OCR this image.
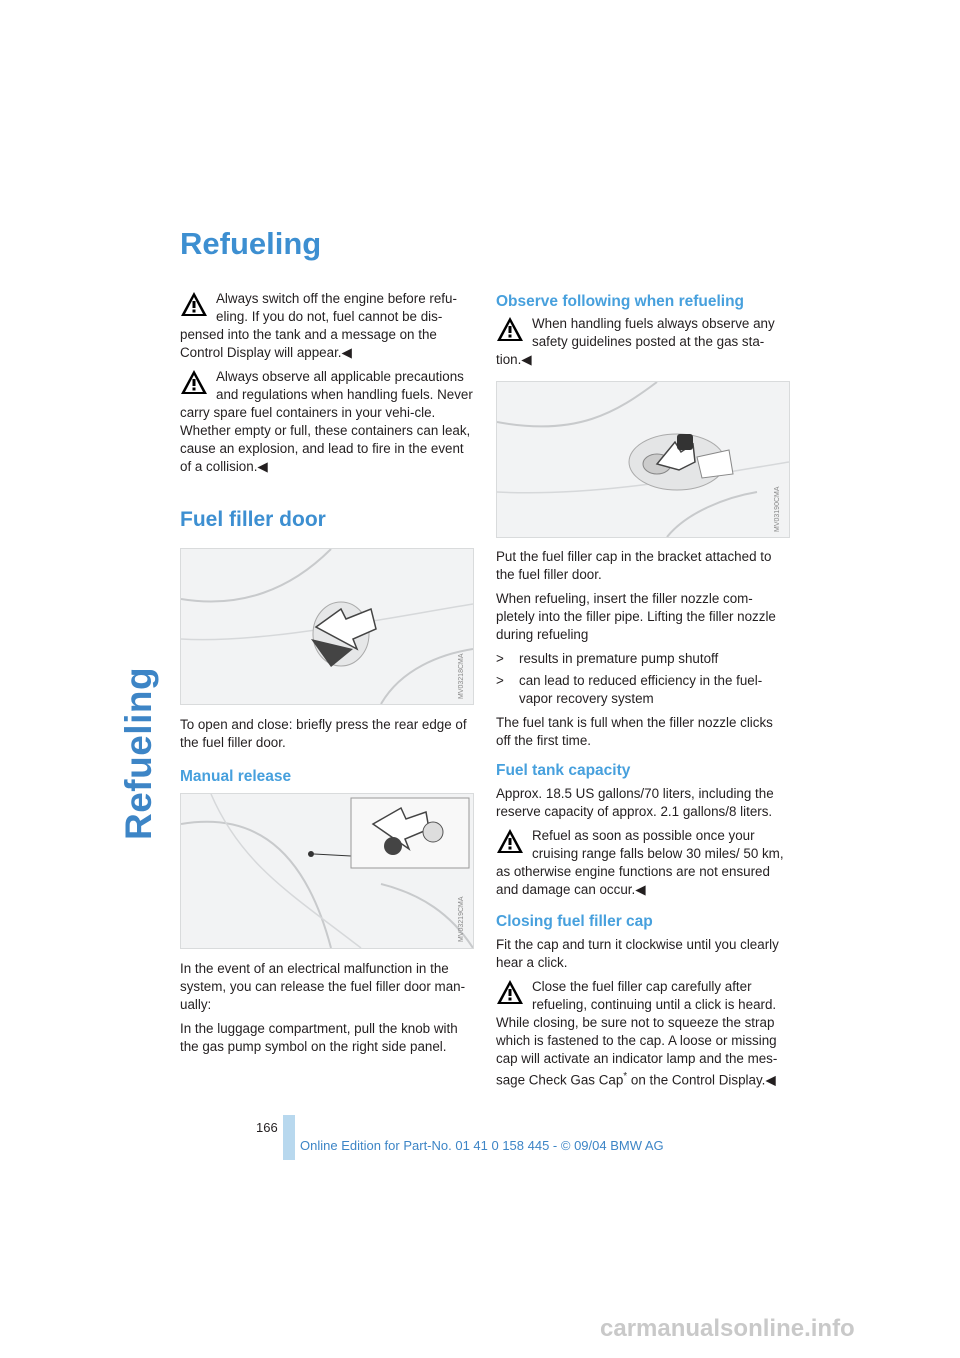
Refueling
Refueling
Always switch off the engine before refu-eling. If you do not, fuel cannot be dis-pensed into the tank and a message on the Control Display will appear.◀
Always observe all applicable precautions and regulations when handling fuels. Never carry spare fuel containers in your vehi-cle. Whether empty or full, these containers can leak, cause an explosion, and lead to fire in the event of a collision.◀
Fuel filler door
MV03218CMA

To open and close: briefly press the rear edge of the fuel filler door.

Manual release
MV03219CMA

In the event of an electrical malfunction in the system, you can release the fuel filler door man-ually:

In the luggage compartment, pull the knob with the gas pump symbol on the right side panel.

Observe following when refueling
When handling fuels always observe any safety guidelines posted at the gas sta-tion.◀
MV03190CMA

Put the fuel filler cap in the bracket attached to the fuel filler door.

When refueling, insert the filler nozzle com-pletely into the filler pipe. Lifting the filler nozzle during refueling

>	results in premature pump shutoff
>	can lead to reduced efficiency in the fuel-vapor recovery system

The fuel tank is full when the filler nozzle clicks off the first time.

Fuel tank capacity

Approx. 18.5 US gallons/70 liters, including the reserve capacity of approx. 2.1 gallons/8 liters.

Refuel as soon as possible once your cruising range falls below 30 miles/ 50 km, as otherwise engine functions are not ensured and damage can occur.◀
Closing fuel filler cap

Fit the cap and turn it clockwise until you clearly hear a click.

Close the fuel filler cap carefully after refueling, continuing until a click is heard. While closing, be sure not to squeeze the strap which is fastened to the cap. A loose or missing cap will activate an indicator lamp and the mes-sage Check Gas Cap* on the Control Display.◀
166
Online Edition for Part-No. 01 41 0 158 445 - © 09/04 BMW AG
carmanualsonline.info
